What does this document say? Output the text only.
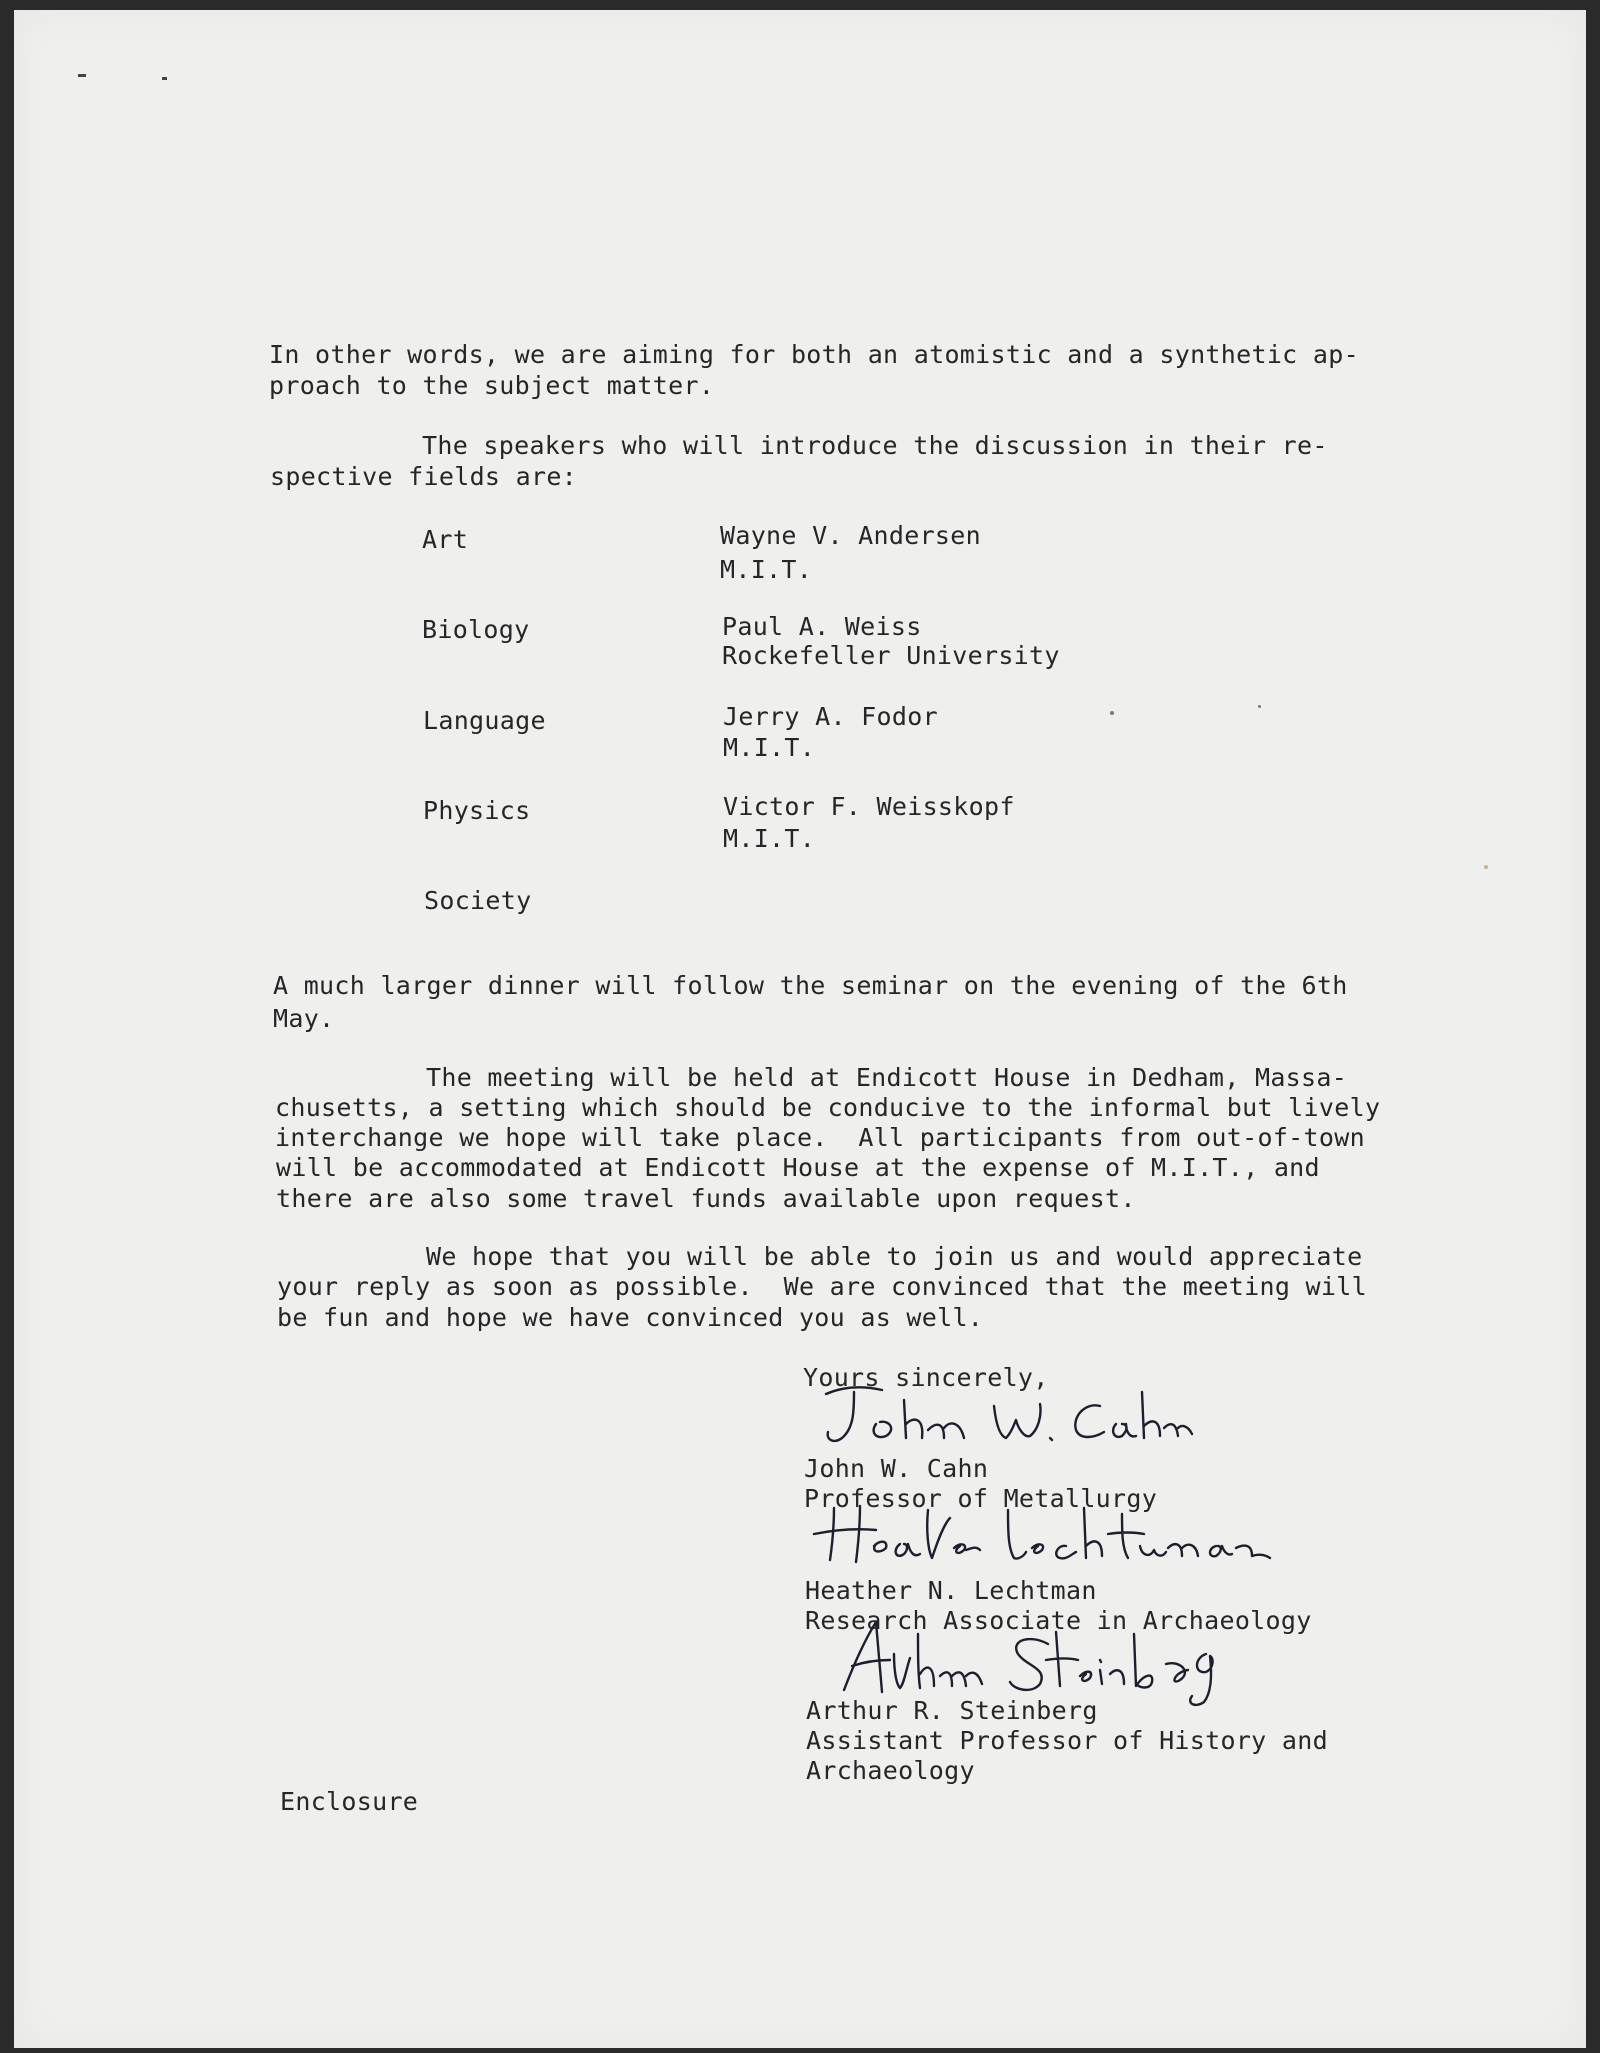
In other words, we are aiming for both an atomistic and a synthetic ap-
proach to the subject matter.
The speakers who will introduce the discussion in their re-
spective fields are:
Art	Wayne V. Andersen
M.I.T.
Biology	Paul A. Weiss
Rockefeller University
Language	Jerry A. Fodor
M.I.T.
Physics	Victor F. Weisskopf
M.I.T.
Society
A much larger dinner will follow the seminar on the evening of the 6th
May.
The meeting will be held at Endicott House in Dedham, Massa-
chusetts, a setting which should be conducive to the informal but lively
interchange we hope will take place.  All participants from out-of-town
will be accommodated at Endicott House at the expense of M.I.T., and
there are also some travel funds available upon request.
We hope that you will be able to join us and would appreciate
your reply as soon as possible.  We are convinced that the meeting will
be fun and hope we have convinced you as well.
Yours sincerely,
John W. Cahn
Professor of Metallurgy
Heather N. Lechtman
Research Associate in Archaeology
Arthur R. Steinberg
Assistant Professor of History and
Archaeology
Enclosure
